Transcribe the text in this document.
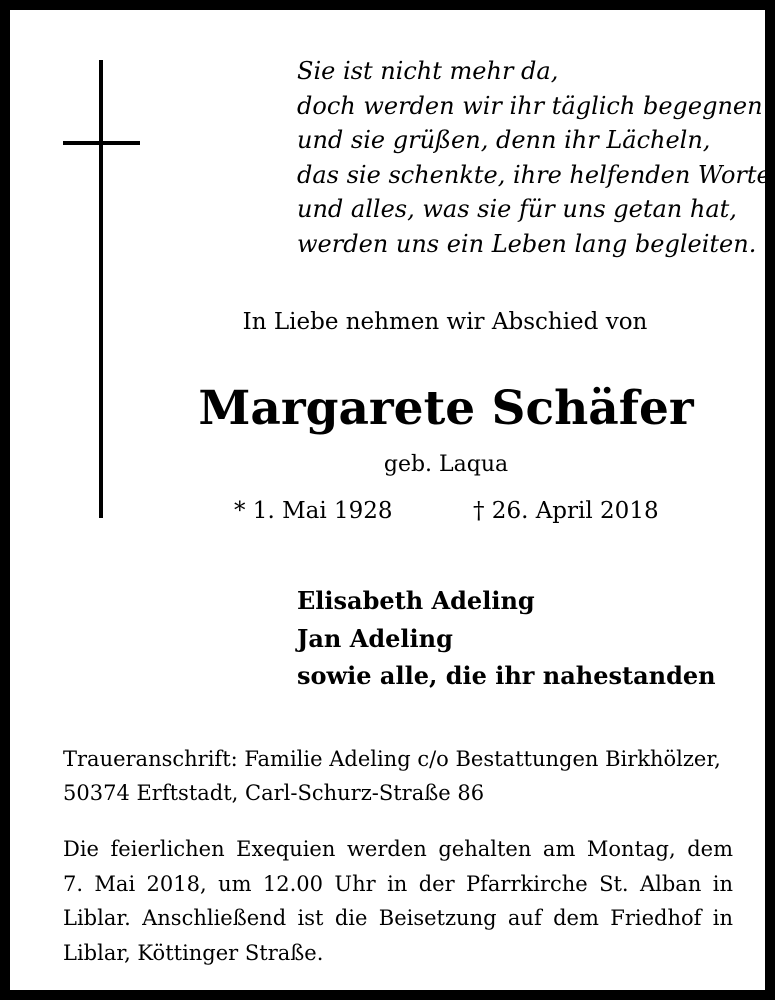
Sie ist nicht mehr da,
doch werden wir ihr täglich begegnen
und sie grüßen, denn ihr Lächeln,
das sie schenkte, ihre helfenden Worte
und alles, was sie für uns getan hat,
werden uns ein Leben lang begleiten.
In Liebe nehmen wir Abschied von
Margarete Schäfer
geb. Laqua
* 1. Mai 1928	† 26. April 2018
Elisabeth Adeling
Jan Adeling
sowie alle, die ihr nahestanden
Traueranschrift: Familie Adeling c/o Bestattungen Birkhölzer,
50374 Erftstadt, Carl-Schurz-Straße 86
Die feierlichen Exequien werden gehalten am Montag, dem
7. Mai 2018, um 12.00 Uhr in der Pfarrkirche St. Alban in
Liblar. Anschließend ist die Beisetzung auf dem Friedhof in
Liblar, Köttinger Straße.
